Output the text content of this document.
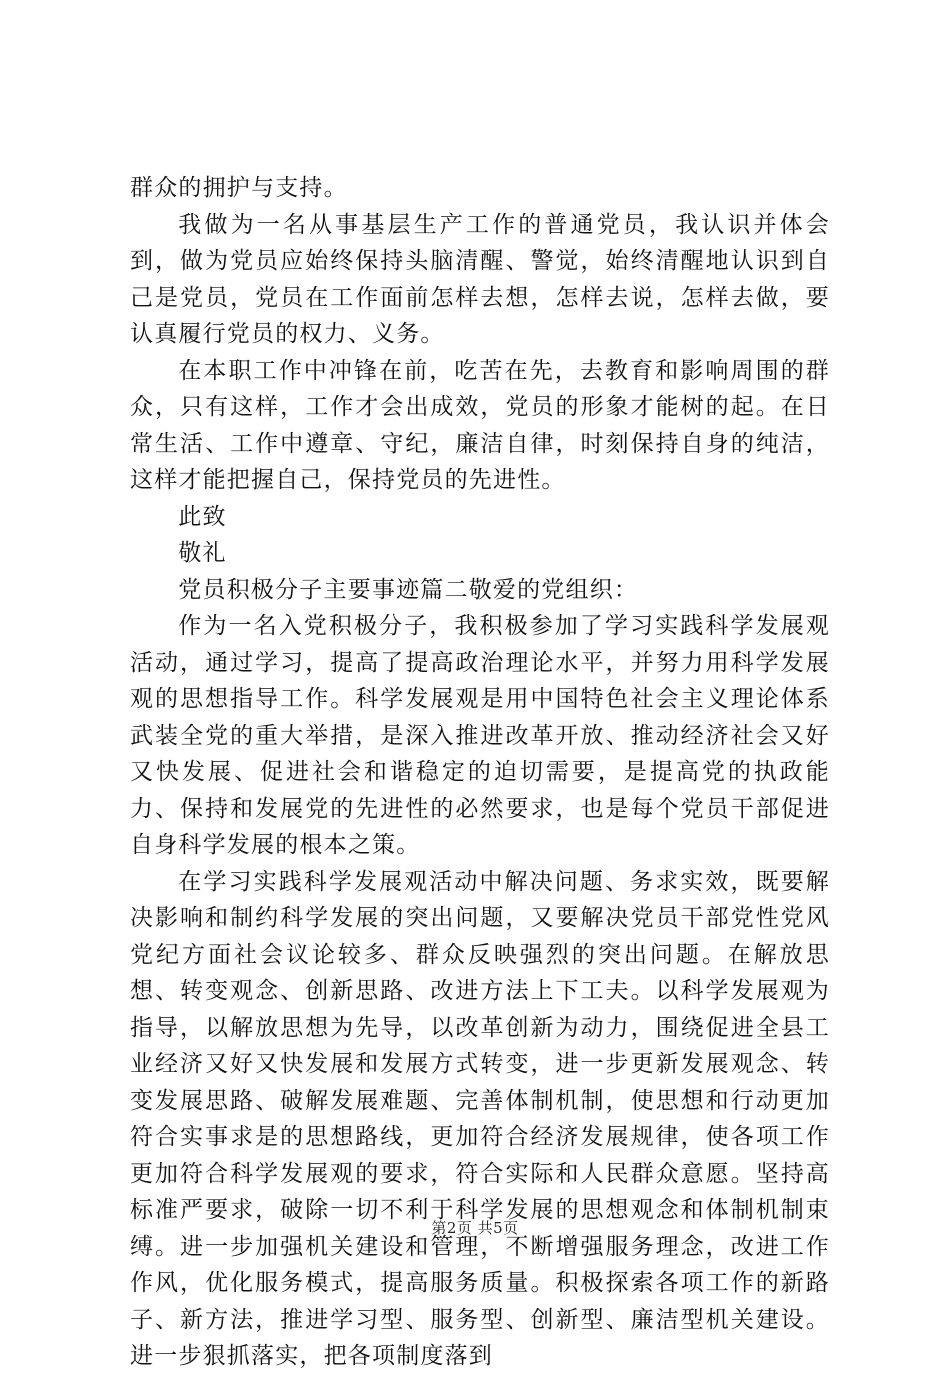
群众的拥护与支持。

我做为一名从事基层生产工作的普通党员，我认识并体会到，做为党员应始终保持头脑清醒、警觉，始终清醒地认识到自己是党员，党员在工作面前怎样去想，怎样去说，怎样去做，要认真履行党员的权力、义务。

在本职工作中冲锋在前，吃苦在先，去教育和影响周围的群众，只有这样，工作才会出成效，党员的形象才能树的起。在日常生活、工作中遵章、守纪，廉洁自律，时刻保持自身的纯洁，这样才能把握自己，保持党员的先进性。

此致

敬礼

党员积极分子主要事迹篇二敬爱的党组织：

作为一名入党积极分子，我积极参加了学习实践科学发展观活动，通过学习，提高了提高政治理论水平，并努力用科学发展观的思想指导工作。科学发展观是用中国特色社会主义理论体系武装全党的重大举措，是深入推进改革开放、推动经济社会又好又快发展、促进社会和谐稳定的迫切需要，是提高党的执政能力、保持和发展党的先进性的必然要求，也是每个党员干部促进自身科学发展的根本之策。

在学习实践科学发展观活动中解决问题、务求实效，既要解决影响和制约科学发展的突出问题，又要解决党员干部党性党风党纪方面社会议论较多、群众反映强烈的突出问题。在解放思想、转变观念、创新思路、改进方法上下工夫。以科学发展观为指导，以解放思想为先导，以改革创新为动力，围绕促进全县工业经济又好又快发展和发展方式转变，进一步更新发展观念、转变发展思路、破解发展难题、完善体制机制，使思想和行动更加符合实事求是的思想路线，更加符合经济发展规律，使各项工作更加符合科学发展观的要求，符合实际和人民群众意愿。坚持高标准严要求，破除一切不利于科学发展的思想观念和体制机制束缚。进一步加强机关建设和管理，不断增强服务理念，改进工作作风，优化服务模式，提高服务质量。积极探索各项工作的新路子、新方法，推进学习型、服务型、创新型、廉洁型机关建设。进一步狠抓落实，把各项制度落到

第2页 共5页
